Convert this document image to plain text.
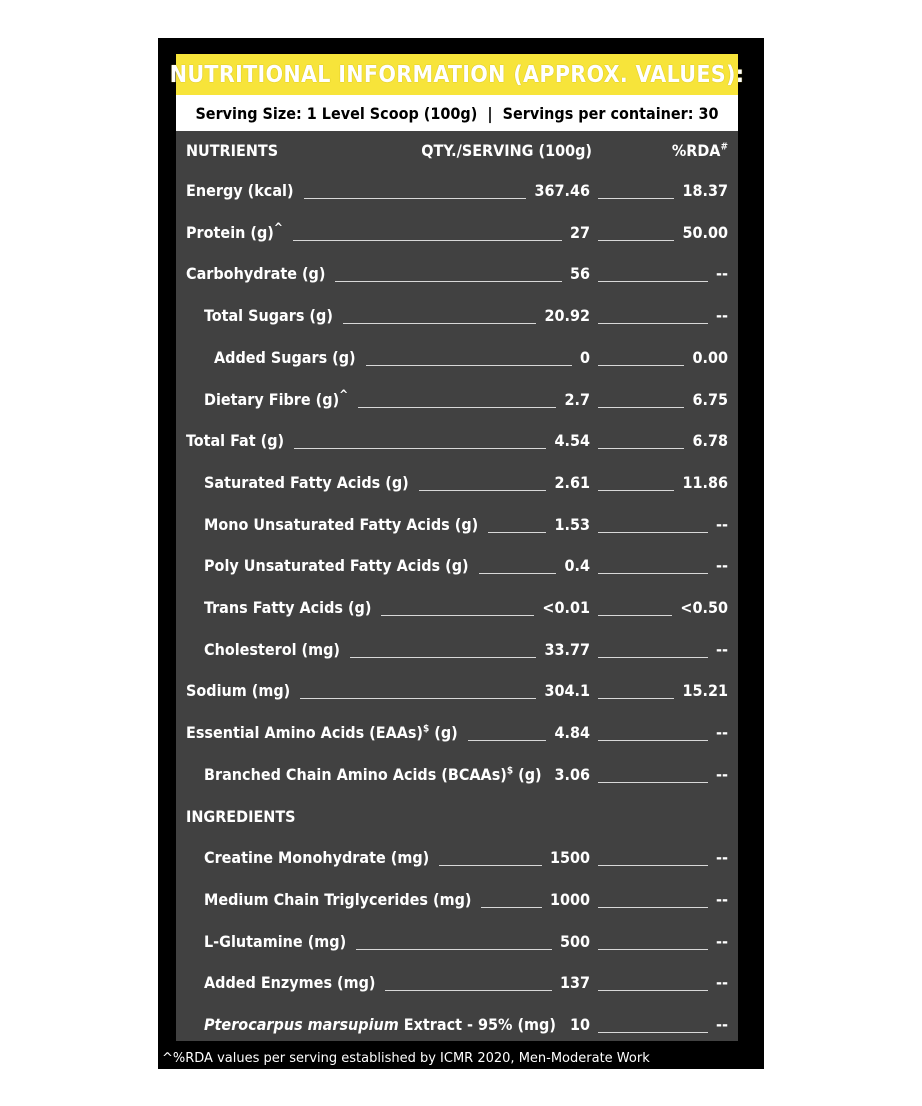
NUTRITIONAL INFORMATION (APPROX. VALUES):
Serving Size: 1 Level Scoop (100g)  |  Servings per container: 30
NUTRIENTS	QTY./SERVING (100g)	%RDA#
Energy (kcal)	367.46	18.37
Protein (g)^	27	50.00
Carbohydrate (g)	56	--
Total Sugars (g)	20.92	--
Added Sugars (g)	0	0.00
Dietary Fibre (g)^	2.7	6.75
Total Fat (g)	4.54	6.78
Saturated Fatty Acids (g)	2.61	11.86
Mono Unsaturated Fatty Acids (g)	1.53	--
Poly Unsaturated Fatty Acids (g)	0.4	--
Trans Fatty Acids (g)	<0.01	<0.50
Cholesterol (mg)	33.77	--
Sodium (mg)	304.1	15.21
Essential Amino Acids (EAAs)$ (g)	4.84	--
Branched Chain Amino Acids (BCAAs)$ (g) 3.06	--
INGREDIENTS
Creatine Monohydrate (mg)	1500	--
Medium Chain Triglycerides (mg)	1000	--
L-Glutamine (mg)	500	--
Added Enzymes (mg)	137	--
Pterocarpus marsupium Extract - 95% (mg) 10	--
^%RDA values per serving established by ICMR 2020, Men-Moderate Work
